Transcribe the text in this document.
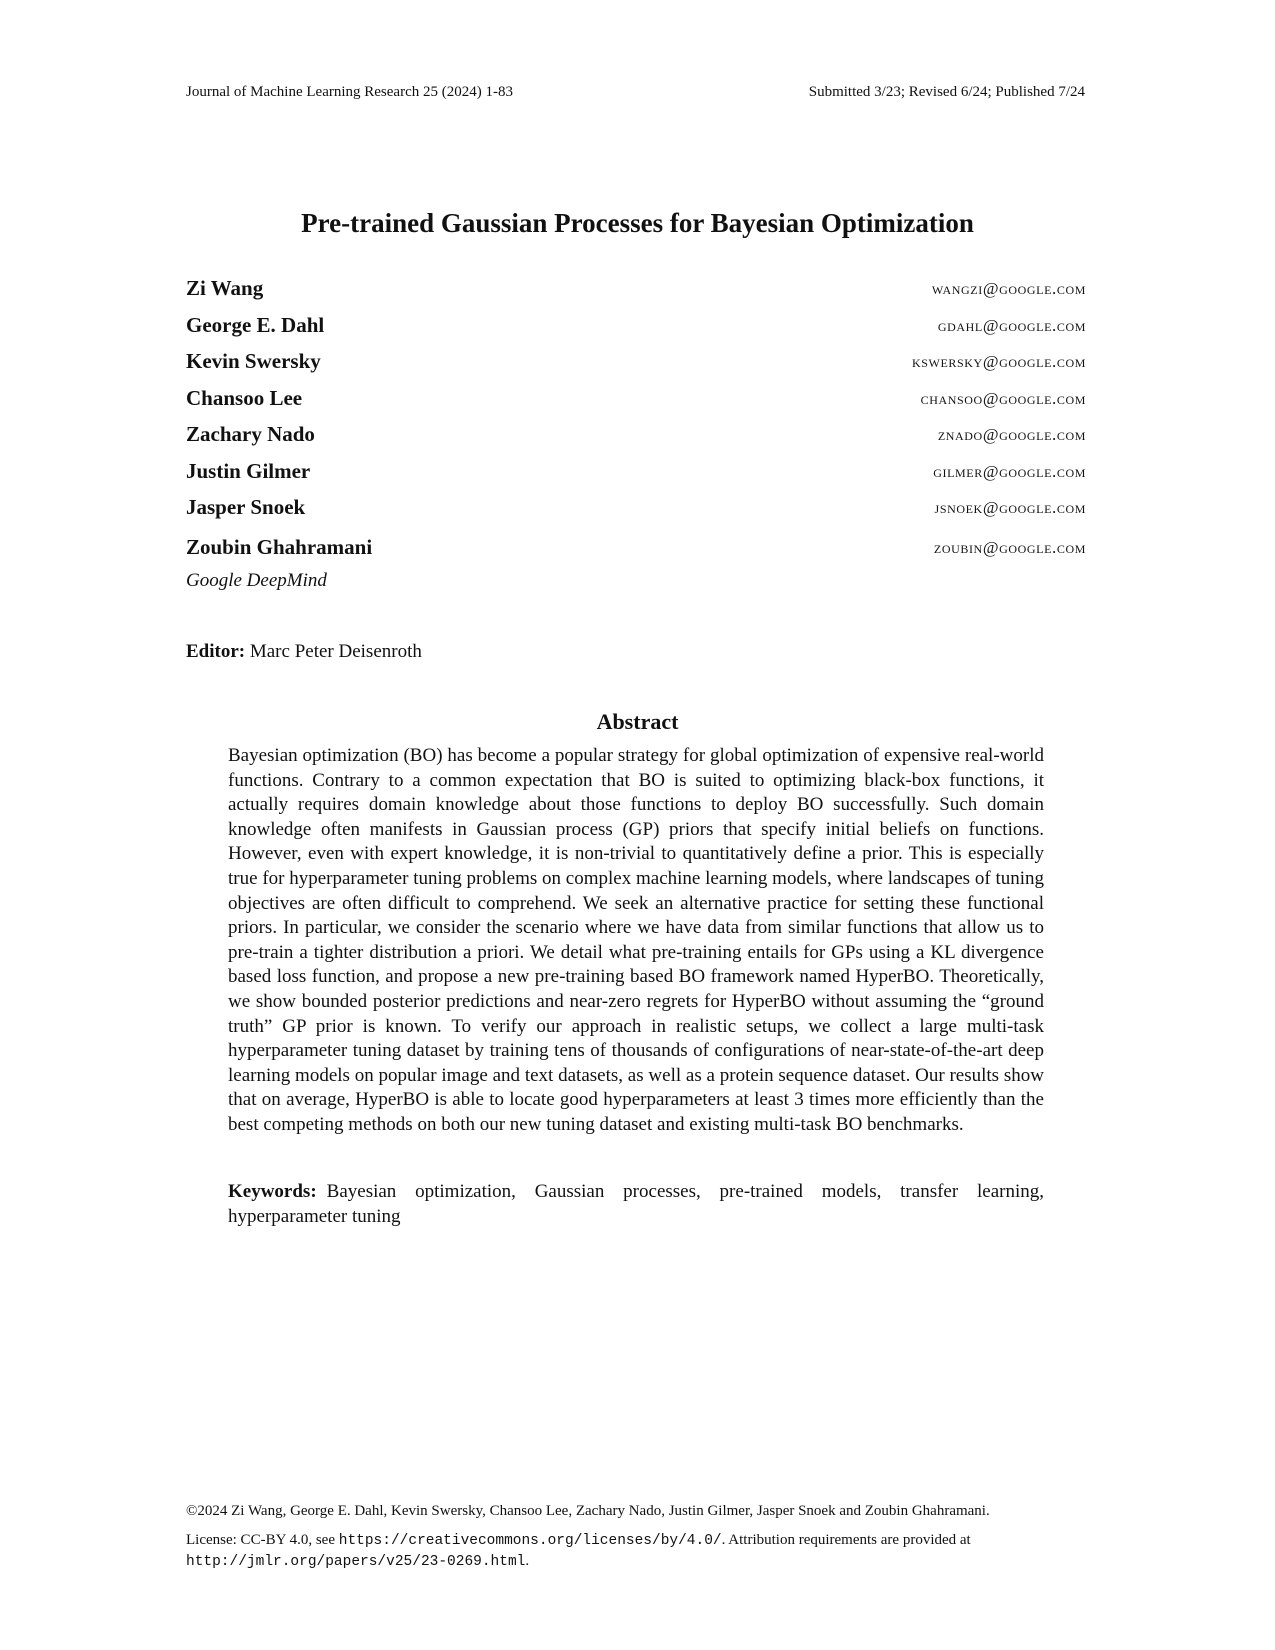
Journal of Machine Learning Research 25 (2024) 1-83	Submitted 3/23; Revised 6/24; Published 7/24
Pre-trained Gaussian Processes for Bayesian Optimization
Zi Wang	wangzi@google.com
George E. Dahl	gdahl@google.com
Kevin Swersky	kswersky@google.com
Chansoo Lee	chansoo@google.com
Zachary Nado	znado@google.com
Justin Gilmer	gilmer@google.com
Jasper Snoek	jsnoek@google.com
Zoubin Ghahramani	zoubin@google.com
Google DeepMind
Editor: Marc Peter Deisenroth
Abstract
Bayesian optimization (BO) has become a popular strategy for global optimization of expensive real-world functions. Contrary to a common expectation that BO is suited to optimizing black-box functions, it actually requires domain knowledge about those functions to deploy BO successfully. Such domain knowledge often manifests in Gaussian process (GP) priors that specify initial beliefs on functions. However, even with expert knowledge, it is non-trivial to quantitatively define a prior. This is especially true for hyperparameter tuning problems on complex machine learning models, where landscapes of tuning objectives are often difficult to comprehend. We seek an alternative practice for setting these functional priors. In particular, we consider the scenario where we have data from similar functions that allow us to pre-train a tighter distribution a priori. We detail what pre-training entails for GPs using a KL divergence based loss function, and propose a new pre-training based BO framework named HyperBO. Theoretically, we show bounded posterior predictions and near-zero regrets for HyperBO without assuming the “ground truth” GP prior is known. To verify our approach in realistic setups, we collect a large multi-task hyperparameter tuning dataset by training tens of thousands of configurations of near-state-of-the-art deep learning models on popular image and text datasets, as well as a protein sequence dataset. Our results show that on average, HyperBO is able to locate good hyperparameters at least 3 times more efficiently than the best competing methods on both our new tuning dataset and existing multi-task BO benchmarks.
Keywords: Bayesian optimization, Gaussian processes, pre-trained models, transfer learning, hyperparameter tuning
©2024 Zi Wang, George E. Dahl, Kevin Swersky, Chansoo Lee, Zachary Nado, Justin Gilmer, Jasper Snoek and Zoubin Ghahramani.
License: CC-BY 4.0, see https://creativecommons.org/licenses/by/4.0/. Attribution requirements are provided at
http://jmlr.org/papers/v25/23-0269.html.
